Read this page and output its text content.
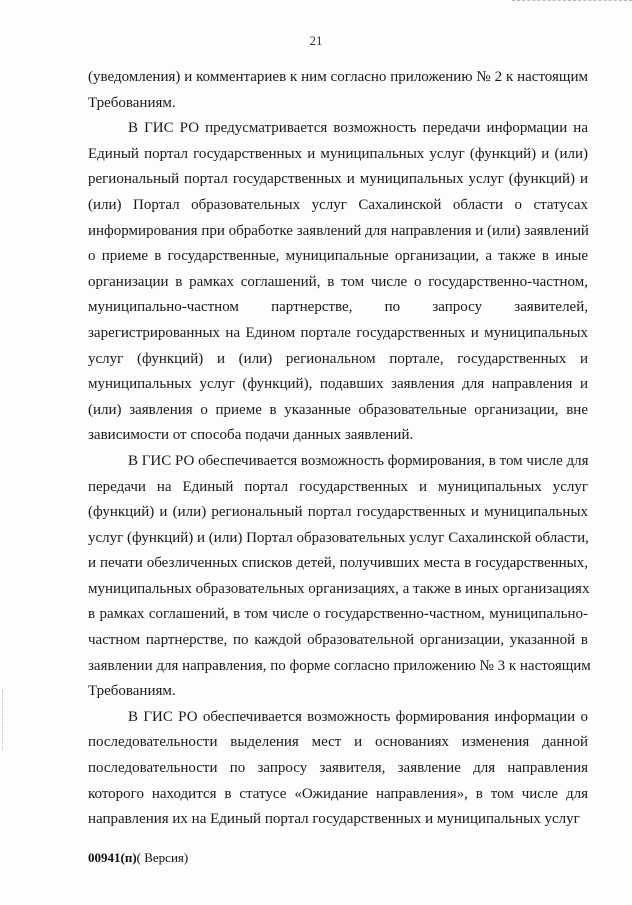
21
(уведомления) и комментариев к ним согласно приложению № 2 к настоящим
Требованиям.
В ГИС РО предусматривается возможность передачи информации на
Единый портал государственных и муниципальных услуг (функций) и (или)
региональный портал государственных и муниципальных услуг (функций) и
(или) Портал образовательных услуг Сахалинской области о статусах
информирования при обработке заявлений для направления и (или) заявлений
о приеме в государственные, муниципальные организации, а также в иные
организации в рамках соглашений, в том числе о государственно-частном,
муниципально-частном партнерстве, по запросу заявителей,
зарегистрированных на Едином портале государственных и муниципальных
услуг (функций) и (или) региональном портале, государственных и
муниципальных услуг (функций), подавших заявления для направления и
(или) заявления о приеме в указанные образовательные организации, вне
зависимости от способа подачи данных заявлений.
В ГИС РО обеспечивается возможность формирования, в том числе для
передачи на Единый портал государственных и муниципальных услуг
(функций) и (или) региональный портал государственных и муниципальных
услуг (функций) и (или) Портал образовательных услуг Сахалинской области,
и печати обезличенных списков детей, получивших места в государственных,
муниципальных образовательных организациях, а также в иных организациях
в рамках соглашений, в том числе о государственно-частном, муниципально-
частном партнерстве, по каждой образовательной организации, указанной в
заявлении для направления, по форме согласно приложению № 3 к настоящим
Требованиям.
В ГИС РО обеспечивается возможность формирования информации о
последовательности выделения мест и основаниях изменения данной
последовательности по запросу заявителя, заявление для направления
которого находится в статусе «Ожидание направления», в том числе для
направления их на Единый портал государственных и муниципальных услуг
00941(п)( Версия)
